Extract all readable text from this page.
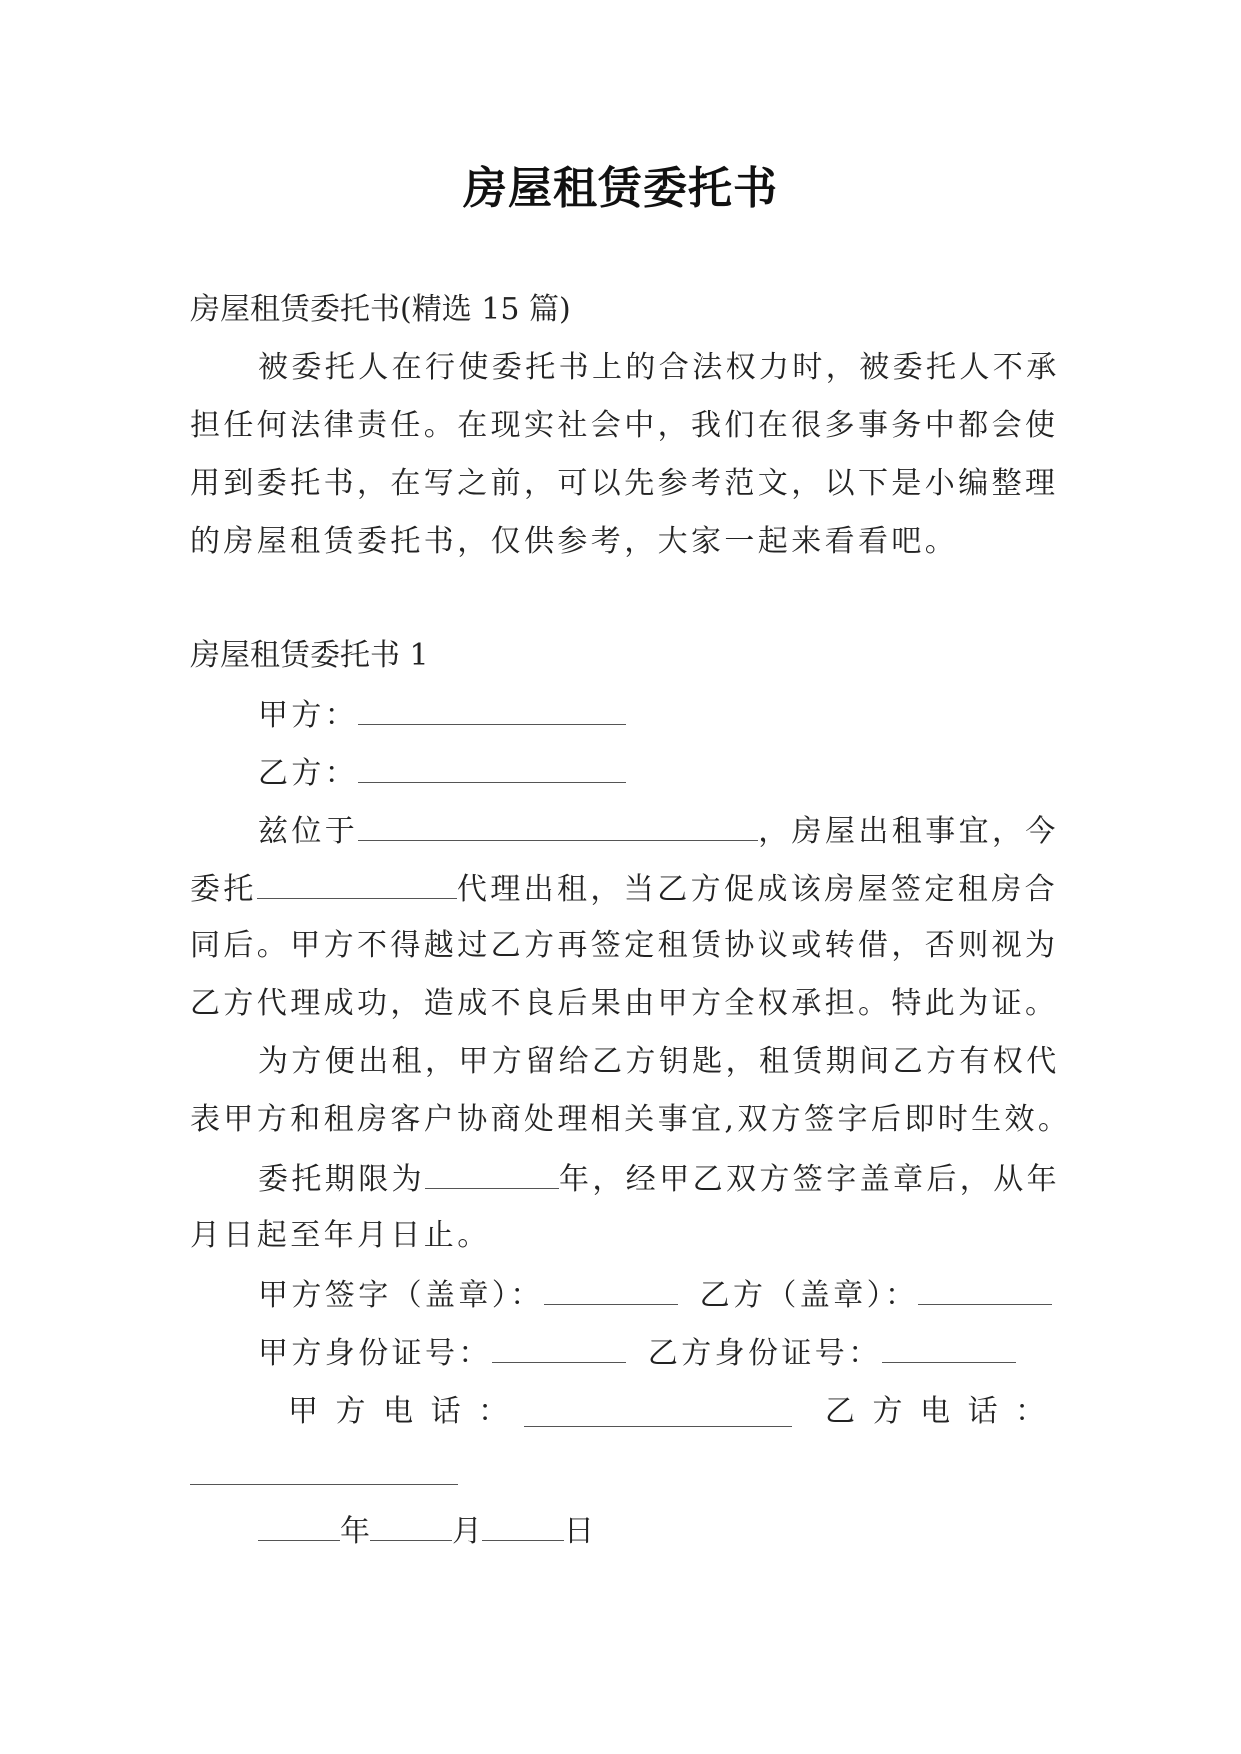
房屋租赁委托书
房屋租赁委托书(精选 15 篇)
被委托人在行使委托书上的合法权力时，被委托人不承
担任何法律责任。在现实社会中，我们在很多事务中都会使
用到委托书，在写之前，可以先参考范文，以下是小编整理
的房屋租赁委托书，仅供参考，大家一起来看看吧。
房屋租赁委托书 1
甲方：
乙方：
兹位于	，房屋出租事宜，今
委托	代理出租，当乙方促成该房屋签定租房合
同后。甲方不得越过乙方再签定租赁协议或转借，否则视为
乙方代理成功，造成不良后果由甲方全权承担。特此为证。
为方便出租，甲方留给乙方钥匙，租赁期间乙方有权代
表甲方和租房客户协商处理相关事宜,双方签字后即时生效。
委托期限为	年，经甲乙双方签字盖章后，从年
月日起至年月日止。
甲方签字（盖章）：	乙方（盖章）：
甲方身份证号：	乙方身份证号：
甲 方 电 话 ：	乙 方 电 话 ：
年	月	日
